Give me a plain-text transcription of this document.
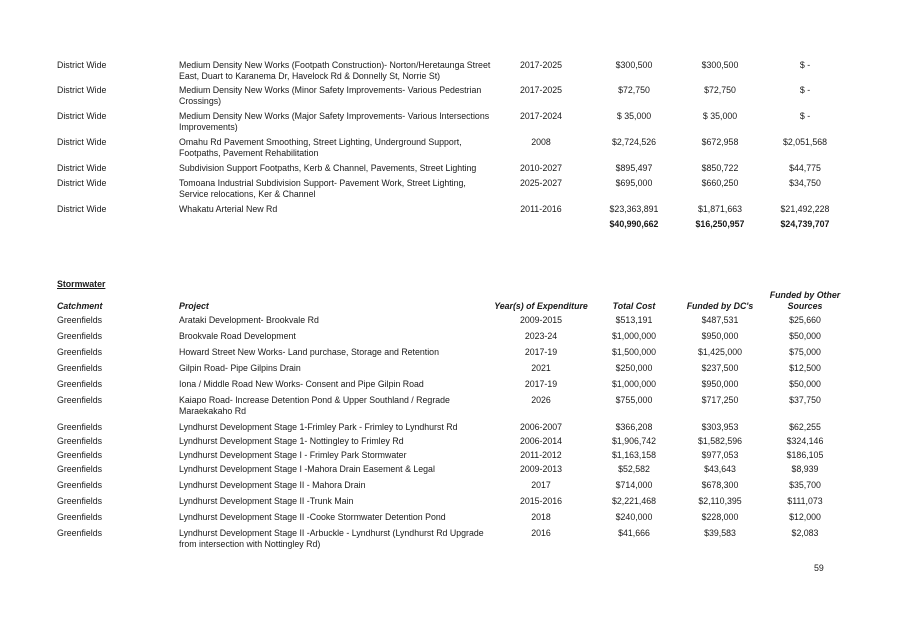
District Wide	Medium Density New Works (Footpath Construction)- Norton/Heretaunga Street East, Duart to Karanema Dr, Havelock Rd & Donnelly St, Norrie St)	2017-2025	$300,500	$300,500	$ -
District Wide	Medium Density New Works (Minor Safety Improvements- Various Pedestrian Crossings)	2017-2025	$72,750	$72,750	$ -
District Wide	Medium Density New Works (Major Safety Improvements- Various Intersections Improvements)	2017-2024	$ 35,000	$ 35,000	$ -
District Wide	Omahu Rd Pavement Smoothing, Street Lighting, Underground Support, Footpaths, Pavement Rehabilitation	2008	$2,724,526	$672,958	$2,051,568
District Wide	Subdivision Support Footpaths, Kerb & Channel, Pavements, Street Lighting	2010-2027	$895,497	$850,722	$44,775
District Wide	Tomoana Industrial Subdivision Support- Pavement Work, Street Lighting, Service relocations, Ker & Channel	2025-2027	$695,000	$660,250	$34,750
District Wide	Whakatu Arterial New Rd	2011-2016	$23,363,891	$1,871,663	$21,492,228
			$40,990,662	$16,250,957	$24,739,707
Stormwater
Catchment	Project	Year(s) of Expenditure	Total Cost	Funded by DC's	Funded by Other Sources
Greenfields	Arataki Development- Brookvale Rd	2009-2015	$513,191	$487,531	$25,660
Greenfields	Brookvale Road Development	2023-24	$1,000,000	$950,000	$50,000
Greenfields	Howard Street New Works- Land purchase, Storage and Retention	2017-19	$1,500,000	$1,425,000	$75,000
Greenfields	Gilpin Road- Pipe Gilpins Drain	2021	$250,000	$237,500	$12,500
Greenfields	Iona / Middle Road New Works- Consent and Pipe Gilpin Road	2017-19	$1,000,000	$950,000	$50,000
Greenfields	Kaiapo Road- Increase Detention Pond & Upper Southland / Regrade Maraekakaho Rd	2026	$755,000	$717,250	$37,750
Greenfields	Lyndhurst Development Stage 1-Frimley Park - Frimley to Lyndhurst Rd	2006-2007	$366,208	$303,953	$62,255
Greenfields	Lyndhurst Development Stage 1- Nottingley to Frimley Rd	2006-2014	$1,906,742	$1,582,596	$324,146
Greenfields	Lyndhurst Development Stage I - Frimley Park Stormwater	2011-2012	$1,163,158	$977,053	$186,105
Greenfields	Lyndhurst Development Stage I -Mahora Drain Easement & Legal	2009-2013	$52,582	$43,643	$8,939
Greenfields	Lyndhurst Development Stage II - Mahora Drain	2017	$714,000	$678,300	$35,700
Greenfields	Lyndhurst Development Stage II -Trunk Main	2015-2016	$2,221,468	$2,110,395	$111,073
Greenfields	Lyndhurst Development Stage II -Cooke Stormwater Detention Pond	2018	$240,000	$228,000	$12,000
Greenfields	Lyndhurst Development Stage II -Arbuckle - Lyndhurst (Lyndhurst Rd Upgrade from intersection with Nottingley Rd)	2016	$41,666	$39,583	$2,083
59
